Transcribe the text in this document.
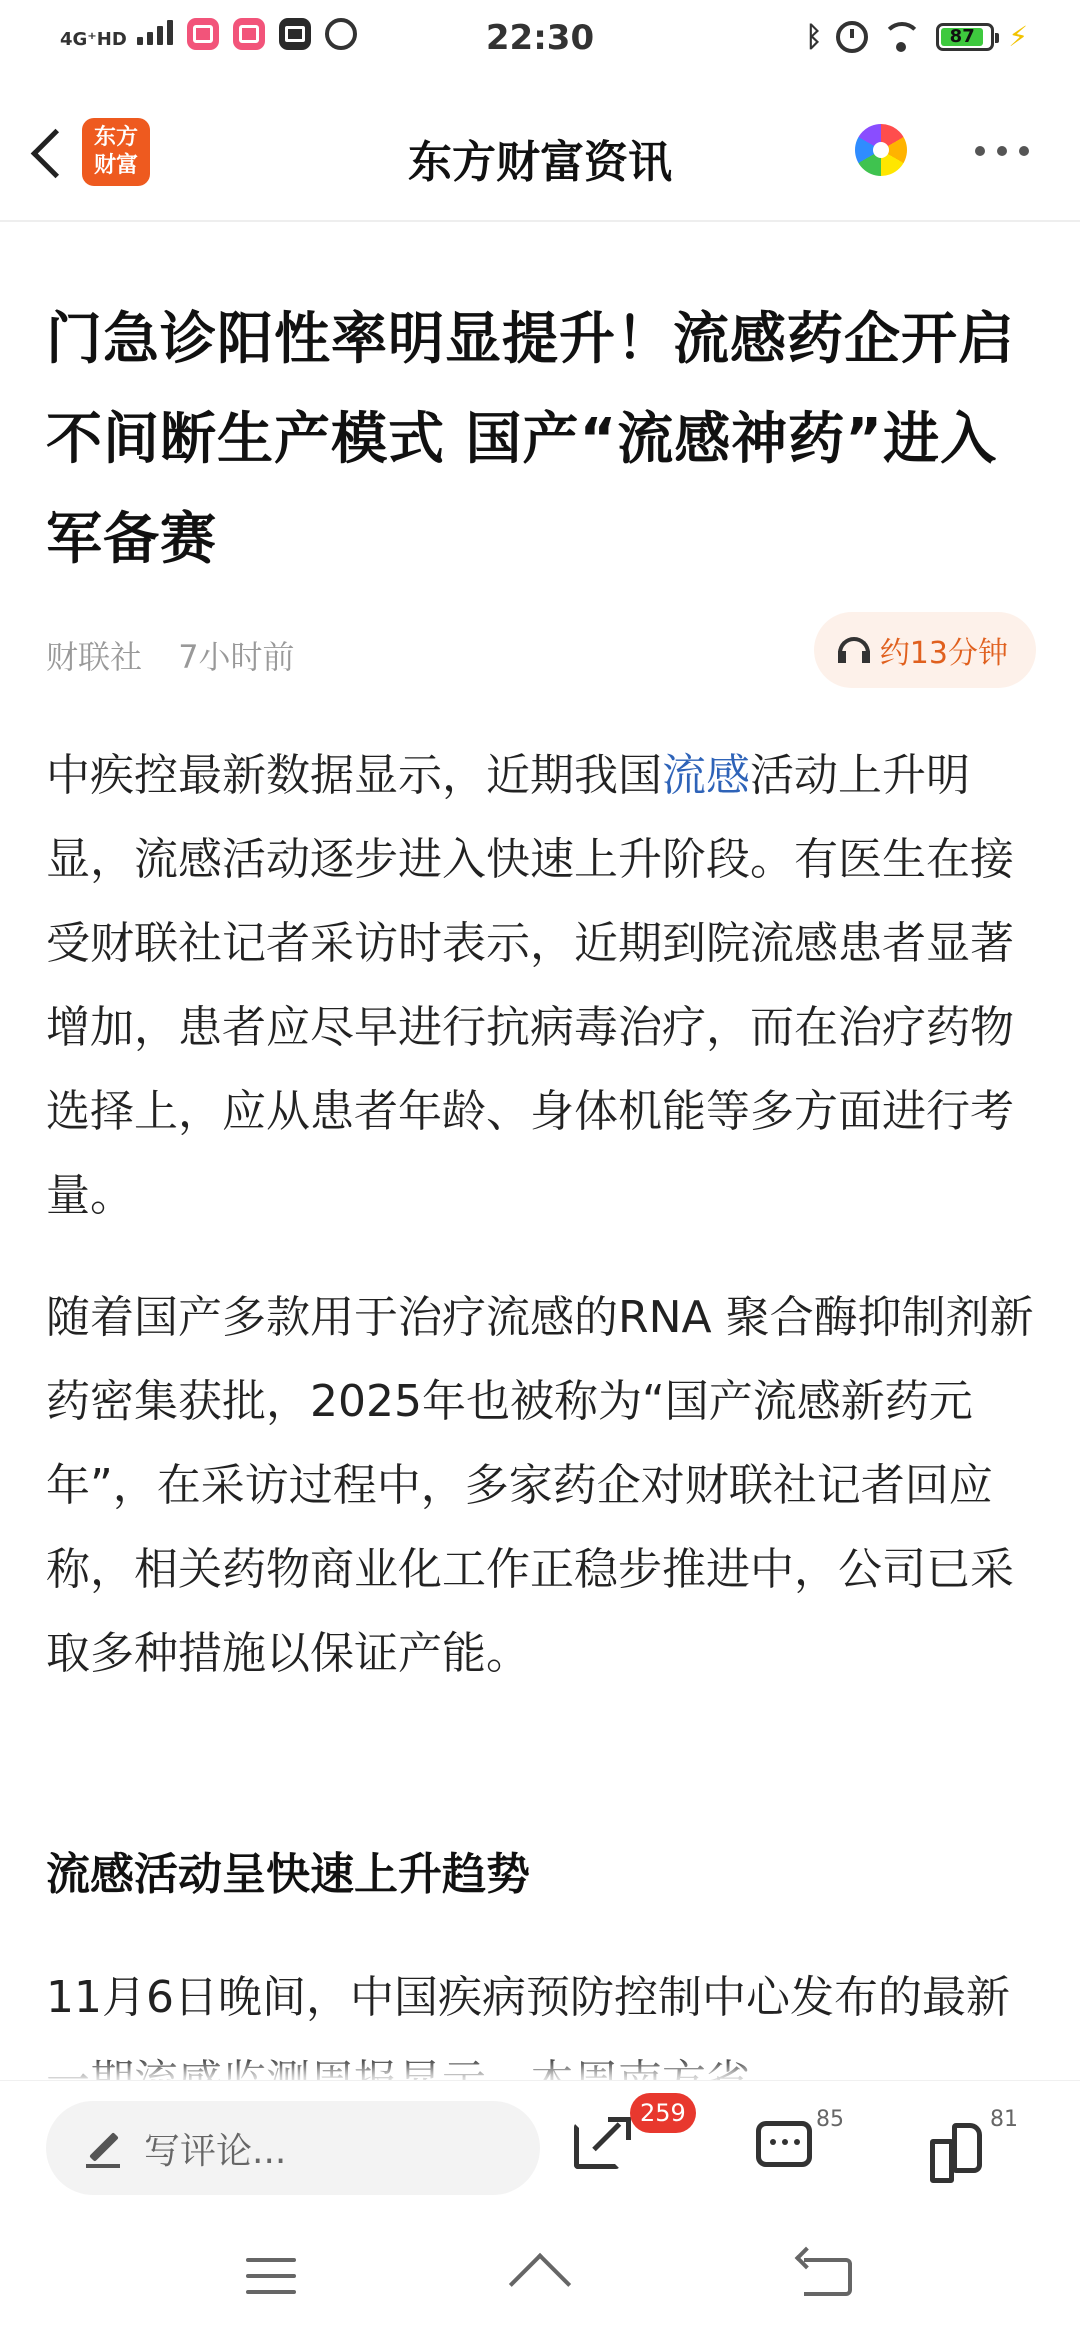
4G⁺HD	22:30	ᛒ	87 ⚡
东方
财富	东方财富资讯
门急诊阳性率明显提升！流感药企开启不间断生产模式 国产“流感神药”进入军备赛
财联社 7小时前	约13分钟

中疾控最新数据显示，近期我国流感活动上升明显，流感活动逐步进入快速上升阶段。有医生在接受财联社记者采访时表示，近期到院流感患者显著增加，患者应尽早进行抗病毒治疗，而在治疗药物选择上，应从患者年龄、身体机能等多方面进行考量。

随着国产多款用于治疗流感的RNA 聚合酶抑制剂新药密集获批，2025年也被称为“国产流感新药元年”，在采访过程中，多家药企对财联社记者回应称，相关药物商业化工作正稳步推进中，公司已采取多种措施以保证产能。

流感活动呈快速上升趋势

11月6日晚间，中国疾病预防控制中心发布的最新

写评论...
259	85	81
